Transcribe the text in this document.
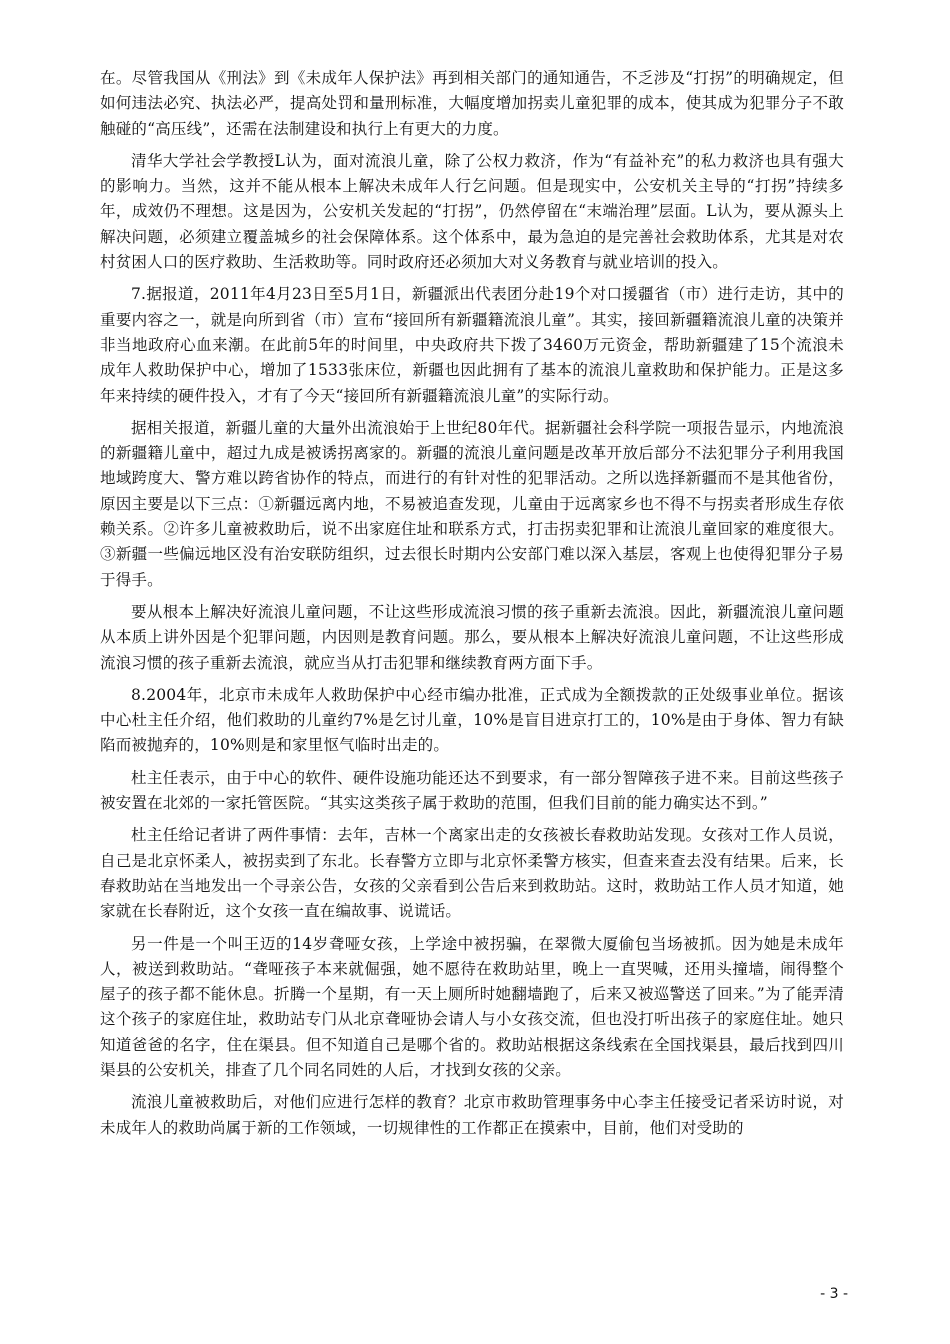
在。尽管我国从《刑法》到《未成年人保护法》再到相关部门的通知通告，不乏涉及“打拐”的明确规定，但如何违法必究、执法必严，提高处罚和量刑标准，大幅度增加拐卖儿童犯罪的成本，使其成为犯罪分子不敢触碰的“高压线”，还需在法制建设和执行上有更大的力度。

清华大学社会学教授L认为，面对流浪儿童，除了公权力救济，作为“有益补充”的私力救济也具有强大的影响力。当然，这并不能从根本上解决未成年人行乞问题。但是现实中，公安机关主导的“打拐”持续多年，成效仍不理想。这是因为，公安机关发起的“打拐”，仍然停留在“末端治理”层面。L认为，要从源头上解决问题，必须建立覆盖城乡的社会保障体系。这个体系中，最为急迫的是完善社会救助体系，尤其是对农村贫困人口的医疗救助、生活救助等。同时政府还必须加大对义务教育与就业培训的投入。

7.据报道，2011年4月23日至5月1日，新疆派出代表团分赴19个对口援疆省（市）进行走访，其中的重要内容之一，就是向所到省（市）宣布“接回所有新疆籍流浪儿童”。其实，接回新疆籍流浪儿童的决策并非当地政府心血来潮。在此前5年的时间里，中央政府共下拨了3460万元资金，帮助新疆建了15个流浪未成年人救助保护中心，增加了1533张床位，新疆也因此拥有了基本的流浪儿童救助和保护能力。正是这多年来持续的硬件投入，才有了今天“接回所有新疆籍流浪儿童”的实际行动。

据相关报道，新疆儿童的大量外出流浪始于上世纪80年代。据新疆社会科学院一项报告显示，内地流浪的新疆籍儿童中，超过九成是被诱拐离家的。新疆的流浪儿童问题是改革开放后部分不法犯罪分子利用我国地域跨度大、警方难以跨省协作的特点，而进行的有针对性的犯罪活动。之所以选择新疆而不是其他省份，原因主要是以下三点：①新疆远离内地，不易被追查发现，儿童由于远离家乡也不得不与拐卖者形成生存依赖关系。②许多儿童被救助后，说不出家庭住址和联系方式，打击拐卖犯罪和让流浪儿童回家的难度很大。③新疆一些偏远地区没有治安联防组织，过去很长时期内公安部门难以深入基层，客观上也使得犯罪分子易于得手。

要从根本上解决好流浪儿童问题，不让这些形成流浪习惯的孩子重新去流浪。因此，新疆流浪儿童问题从本质上讲外因是个犯罪问题，内因则是教育问题。那么，要从根本上解决好流浪儿童问题，不让这些形成流浪习惯的孩子重新去流浪，就应当从打击犯罪和继续教育两方面下手。

8.2004年，北京市未成年人救助保护中心经市编办批准，正式成为全额拨款的正处级事业单位。据该中心杜主任介绍，他们救助的儿童约7%是乞讨儿童，10%是盲目进京打工的，10%是由于身体、智力有缺陷而被抛弃的，10%则是和家里怄气临时出走的。

杜主任表示，由于中心的软件、硬件设施功能还达不到要求，有一部分智障孩子进不来。目前这些孩子被安置在北郊的一家托管医院。“其实这类孩子属于救助的范围，但我们目前的能力确实达不到。”

杜主任给记者讲了两件事情：去年，吉林一个离家出走的女孩被长春救助站发现。女孩对工作人员说，自己是北京怀柔人，被拐卖到了东北。长春警方立即与北京怀柔警方核实，但查来查去没有结果。后来，长春救助站在当地发出一个寻亲公告，女孩的父亲看到公告后来到救助站。这时，救助站工作人员才知道，她家就在长春附近，这个女孩一直在编故事、说谎话。

另一件是一个叫王迈的14岁聋哑女孩，上学途中被拐骗，在翠微大厦偷包当场被抓。因为她是未成年人，被送到救助站。“聋哑孩子本来就倔强，她不愿待在救助站里，晚上一直哭喊，还用头撞墙，闹得整个屋子的孩子都不能休息。折腾一个星期，有一天上厕所时她翻墙跑了，后来又被巡警送了回来。”为了能弄清这个孩子的家庭住址，救助站专门从北京聋哑协会请人与小女孩交流，但也没打听出孩子的家庭住址。她只知道爸爸的名字，住在渠县。但不知道自己是哪个省的。救助站根据这条线索在全国找渠县，最后找到四川渠县的公安机关，排查了几个同名同姓的人后，才找到女孩的父亲。

流浪儿童被救助后，对他们应进行怎样的教育？北京市救助管理事务中心李主任接受记者采访时说，对未成年人的救助尚属于新的工作领域，一切规律性的工作都正在摸索中，目前，他们对受助的

- 3 -
